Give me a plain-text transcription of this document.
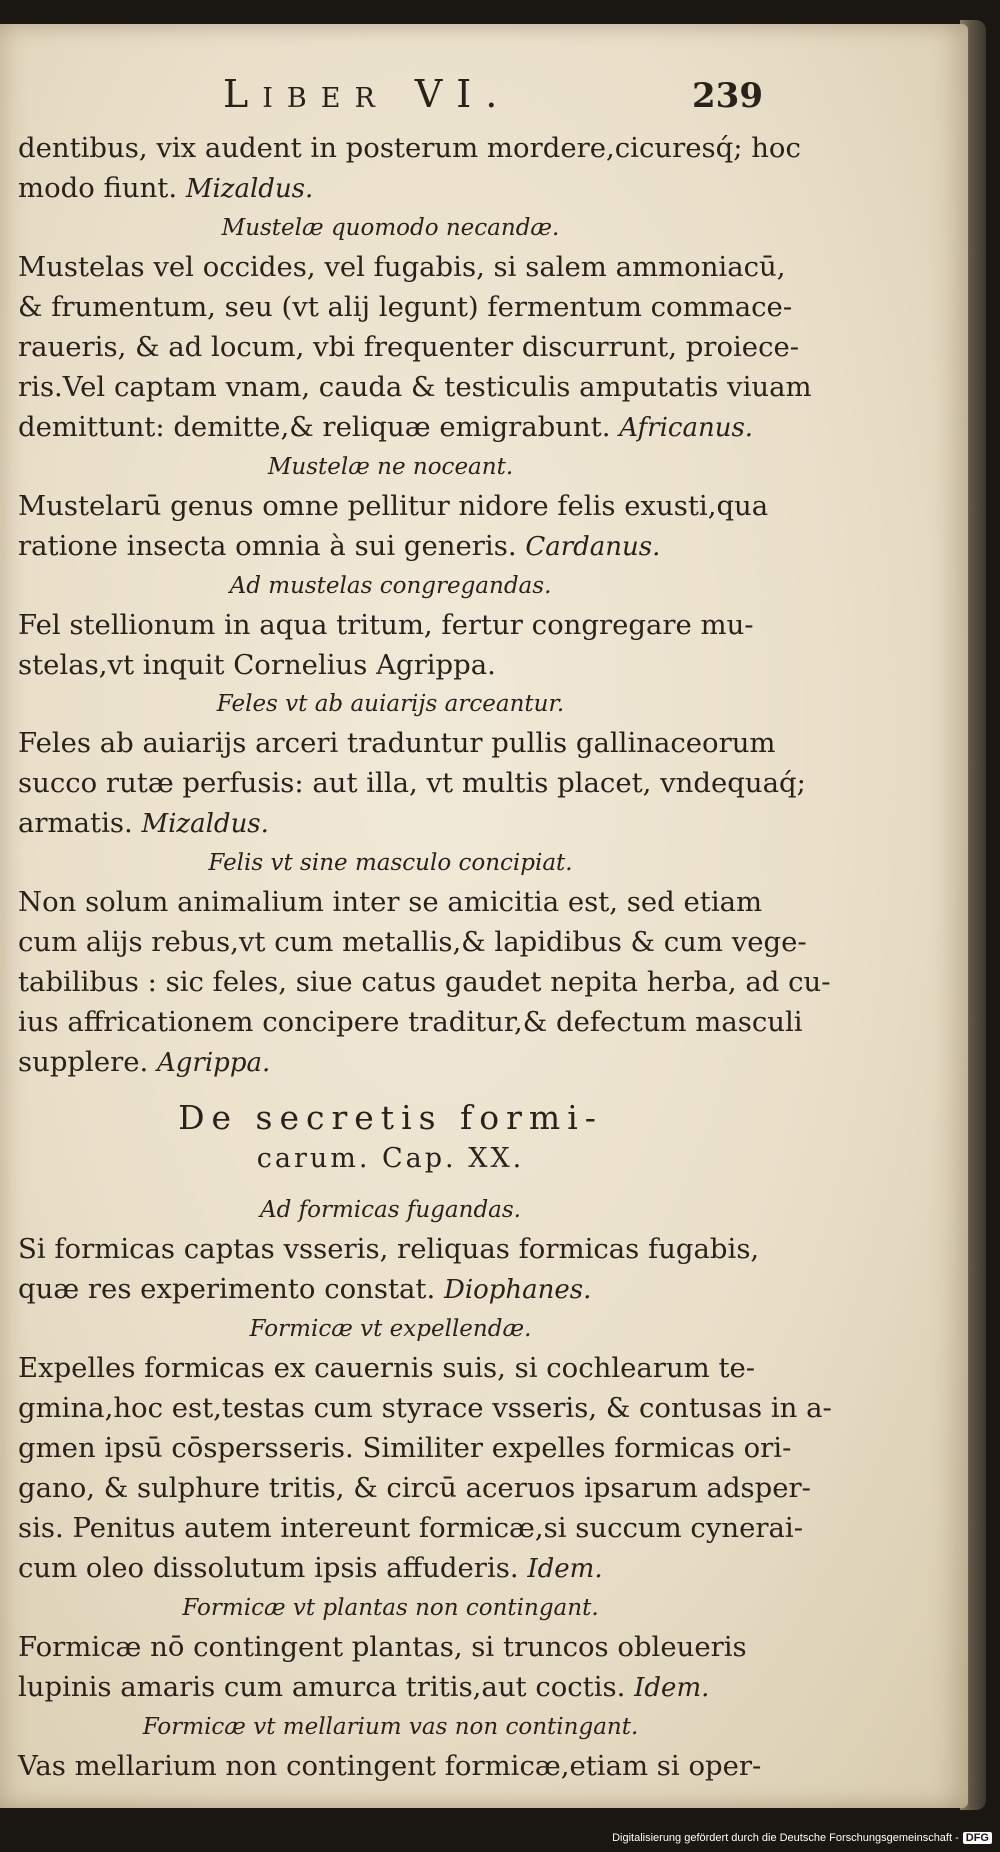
Liber VI.	239
dentibus, vix audent in posterum mordere,cicuresq́; hoc
modo fiunt. Mizaldus.
Mustelæ quomodo necandæ.
Mustelas vel occides, vel fugabis, si salem ammoniacū,
& frumentum, seu (vt alij legunt) fermentum commace-
raueris, & ad locum, vbi frequenter discurrunt, proiece-
ris.Vel captam vnam, cauda & testiculis amputatis viuam
demittunt: demitte,& reliquæ emigrabunt. Africanus.
Mustelæ ne noceant.
Mustelarū genus omne pellitur nidore felis exusti,qua
ratione insecta omnia à sui generis. Cardanus.
Ad mustelas congregandas.
Fel stellionum in aqua tritum, fertur congregare mu-
stelas,vt inquit Cornelius Agrippa.
Feles vt ab auiarijs arceantur.
Feles ab auiarijs arceri traduntur pullis gallinaceorum
succo rutæ perfusis: aut illa, vt multis placet, vndequaq́;
armatis. Mizaldus.
Felis vt sine masculo concipiat.
Non solum animalium inter se amicitia est, sed etiam
cum alijs rebus,vt cum metallis,& lapidibus & cum vege-
tabilibus : sic feles, siue catus gaudet nepita herba, ad cu-
ius affricationem concipere traditur,& defectum masculi
supplere. Agrippa.
De secretis formi-
carum. Cap. XX.
Ad formicas fugandas.
Si formicas captas vsseris, reliquas formicas fugabis,
quæ res experimento constat. Diophanes.
Formicæ vt expellendæ.
Expelles formicas ex cauernis suis, si cochlearum te-
gmina,hoc est,testas cum styrace vsseris, & contusas in a-
gmen ipsū cōspersseris. Similiter expelles formicas ori-
gano, & sulphure tritis, & circū aceruos ipsarum adsper-
sis. Penitus autem intereunt formicæ,si succum cynerai-
cum oleo dissolutum ipsis affuderis. Idem.
Formicæ vt plantas non contingant.
Formicæ nō contingent plantas, si truncos obleueris
lupinis amaris cum amurca tritis,aut coctis. Idem.
Formicæ vt mellarium vas non contingant.
Vas mellarium non contingent formicæ,etiam si oper-
Digitalisierung gefördert durch die Deutsche Forschungsgemeinschaft - DFG
